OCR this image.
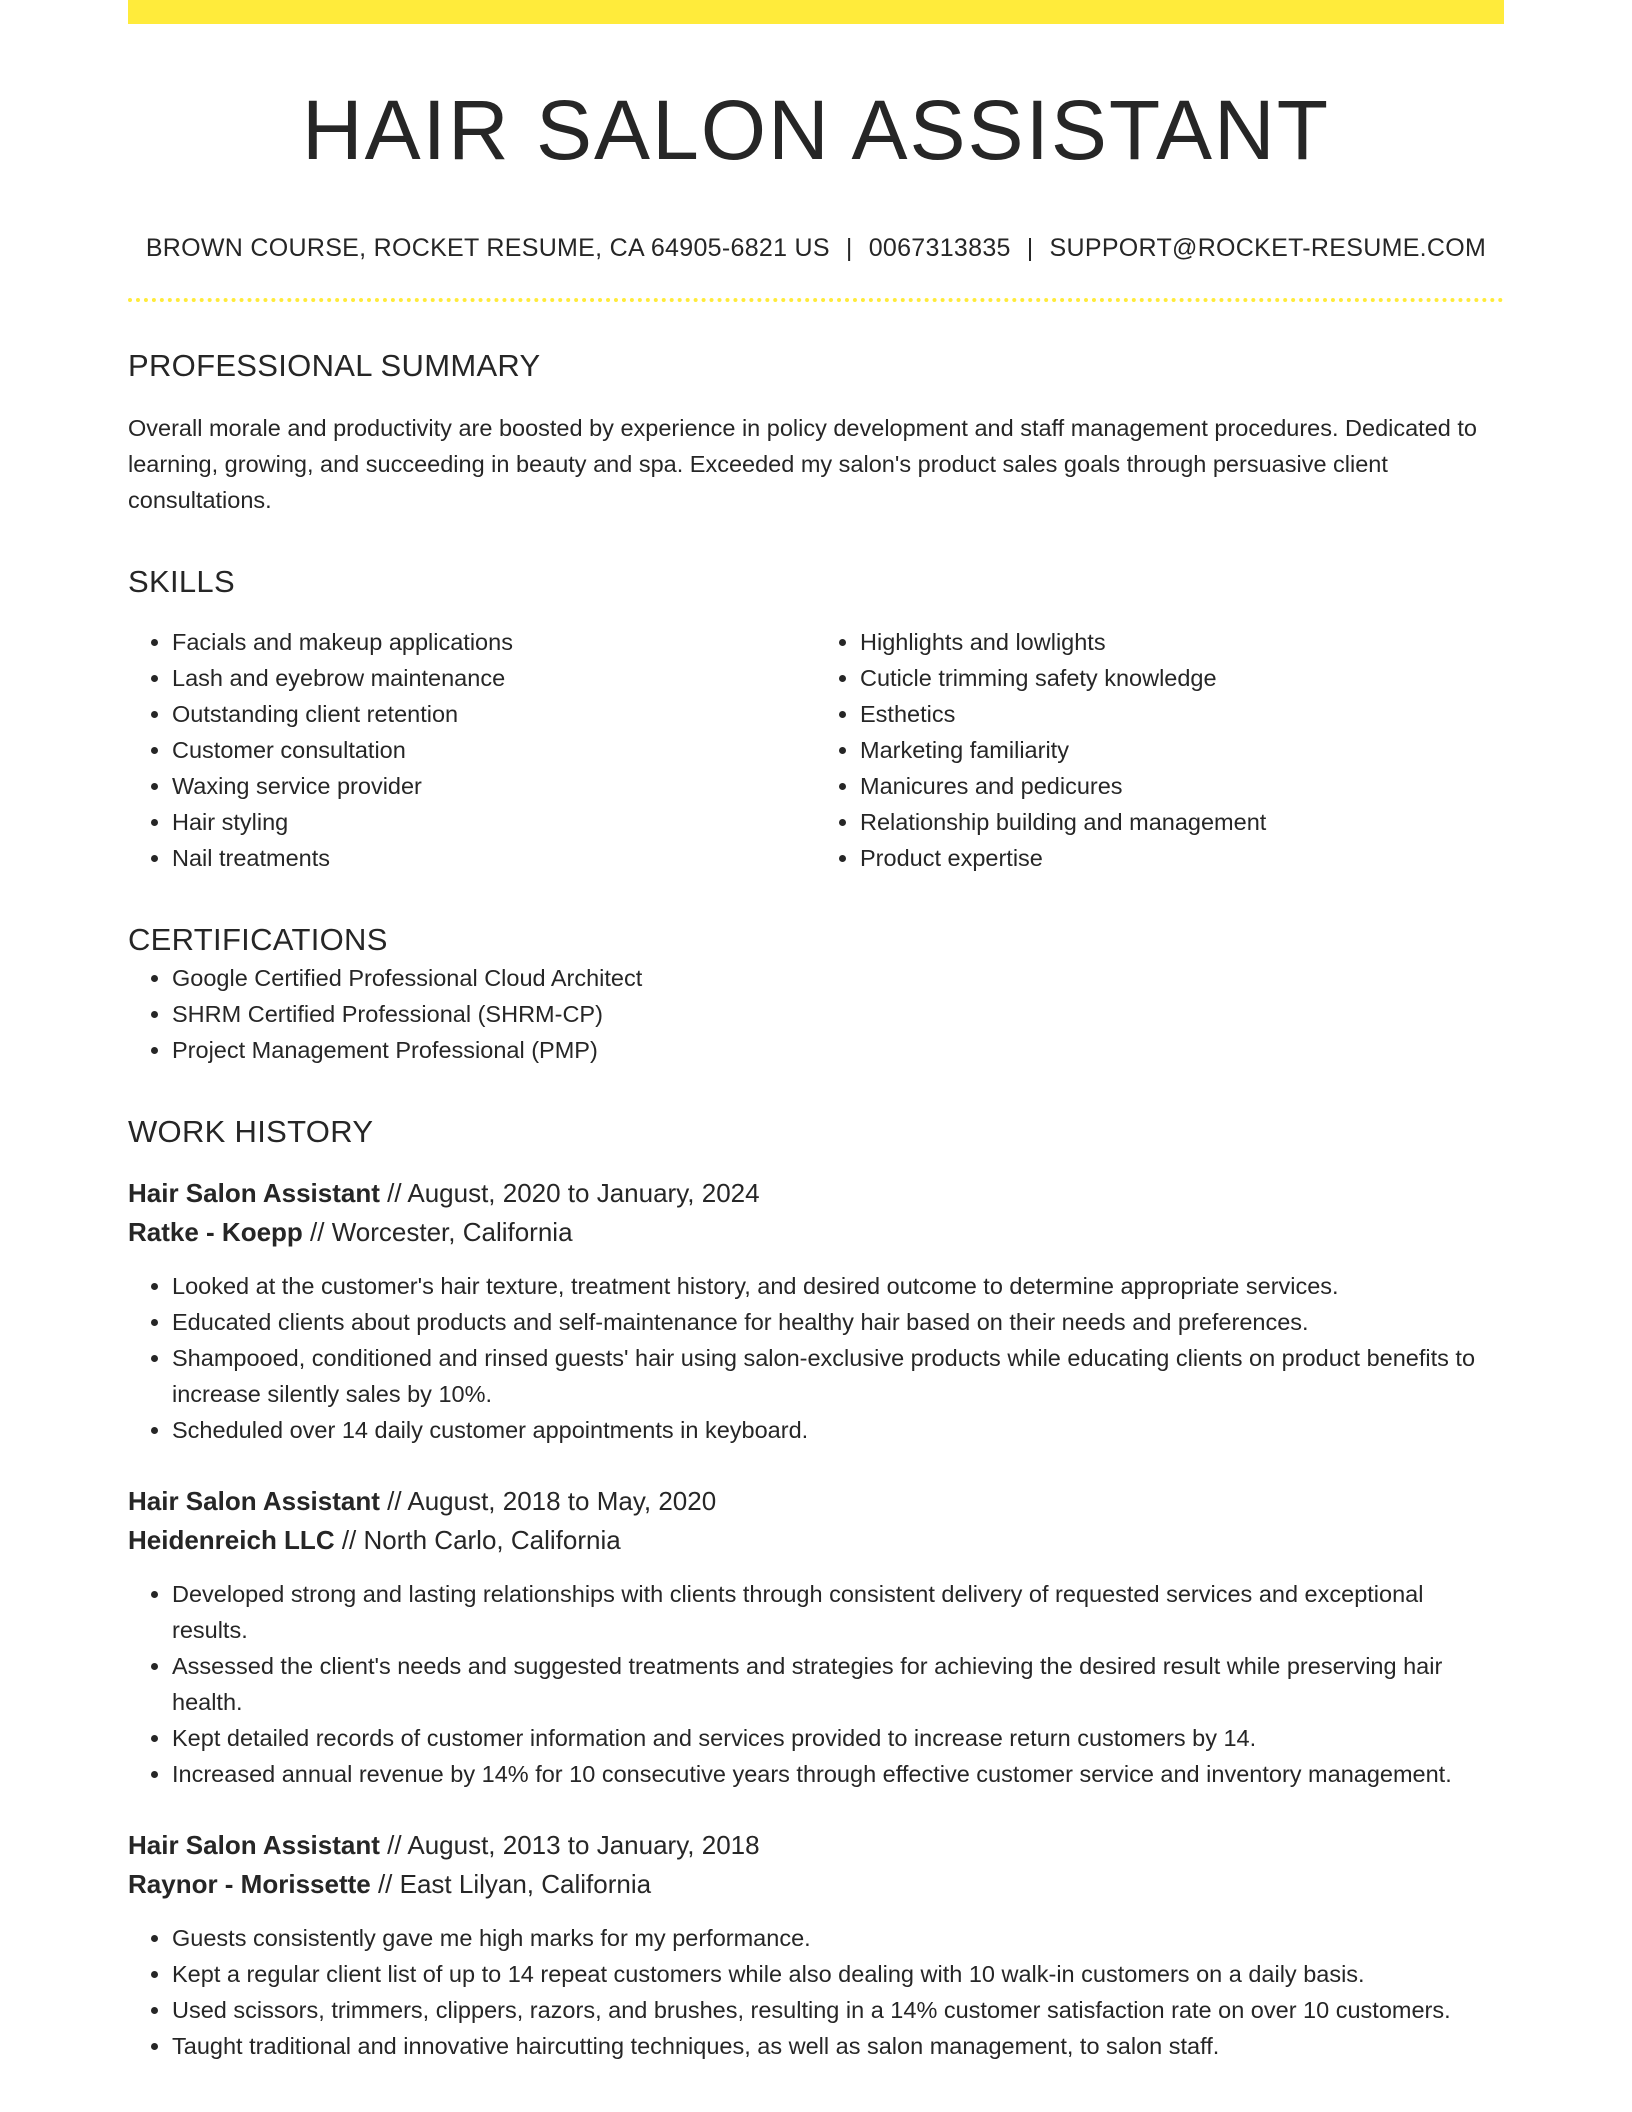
HAIR SALON ASSISTANT
BROWN COURSE, ROCKET RESUME, CA 64905-6821 US | 0067313835 | SUPPORT@ROCKET-RESUME.COM
PROFESSIONAL SUMMARY

Overall morale and productivity are boosted by experience in policy development and staff management procedures. Dedicated to learning, growing, and succeeding in beauty and spa. Exceeded my salon's product sales goals through persuasive client consultations.

SKILLS
• Facials and makeup applications
• Lash and eyebrow maintenance
• Outstanding client retention
• Customer consultation
• Waxing service provider
• Hair styling
• Nail treatments
• Highlights and lowlights
• Cuticle trimming safety knowledge
• Esthetics
• Marketing familiarity
• Manicures and pedicures
• Relationship building and management
• Product expertise
CERTIFICATIONS
• Google Certified Professional Cloud Architect
• SHRM Certified Professional (SHRM-CP)
• Project Management Professional (PMP)
WORK HISTORY
Hair Salon Assistant // August, 2020 to January, 2024
Ratke - Koepp // Worcester, California
• Looked at the customer's hair texture, treatment history, and desired outcome to determine appropriate services.
• Educated clients about products and self-maintenance for healthy hair based on their needs and preferences.
• Shampooed, conditioned and rinsed guests' hair using salon-exclusive products while educating clients on product benefits to increase silently sales by 10%.
• Scheduled over 14 daily customer appointments in keyboard.
Hair Salon Assistant // August, 2018 to May, 2020
Heidenreich LLC // North Carlo, California
• Developed strong and lasting relationships with clients through consistent delivery of requested services and exceptional results.
• Assessed the client's needs and suggested treatments and strategies for achieving the desired result while preserving hair health.
• Kept detailed records of customer information and services provided to increase return customers by 14.
• Increased annual revenue by 14% for 10 consecutive years through effective customer service and inventory management.
Hair Salon Assistant // August, 2013 to January, 2018
Raynor - Morissette // East Lilyan, California
• Guests consistently gave me high marks for my performance.
• Kept a regular client list of up to 14 repeat customers while also dealing with 10 walk-in customers on a daily basis.
• Used scissors, trimmers, clippers, razors, and brushes, resulting in a 14% customer satisfaction rate on over 10 customers.
• Taught traditional and innovative haircutting techniques, as well as salon management, to salon staff.
